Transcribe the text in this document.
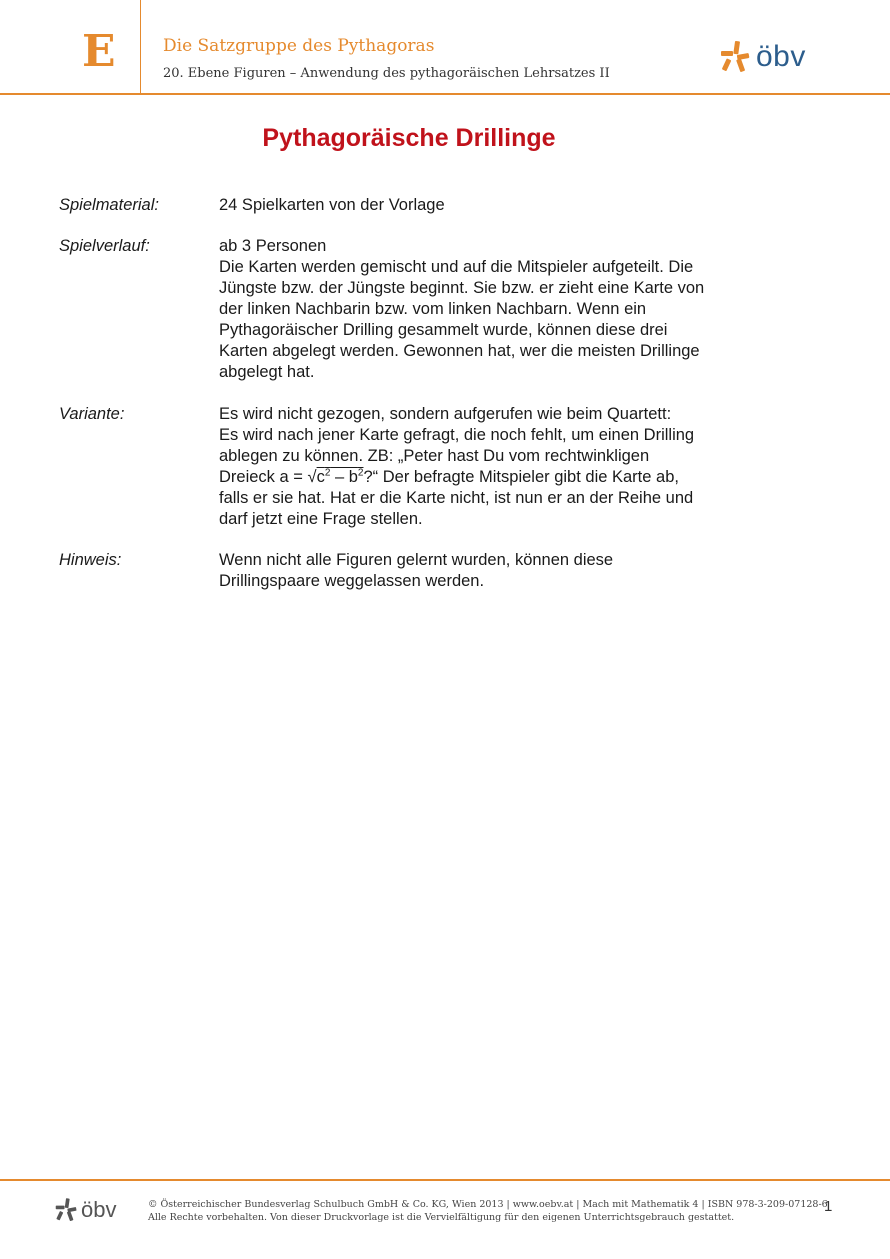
E	Die Satzgruppe des Pythagoras
20. Ebene Figuren – Anwendung des pythagoräischen Lehrsatzes II
öbv
Pythagoräische Drillinge
Spielmaterial:	24 Spielkarten von der Vorlage

Spielverlauf:	ab 3 Personen

Die Karten werden gemischt und auf die Mitspieler aufgeteilt. Die

Jüngste bzw. der Jüngste beginnt. Sie bzw. er zieht eine Karte von

der linken Nachbarin bzw. vom linken Nachbarn. Wenn ein

Pythagoräischer Drilling gesammelt wurde, können diese drei

Karten abgelegt werden. Gewonnen hat, wer die meisten Drillinge

abgelegt hat.

Variante:	Es wird nicht gezogen, sondern aufgerufen wie beim Quartett:

Es wird nach jener Karte gefragt, die noch fehlt, um einen Drilling

ablegen zu können. ZB: „Peter hast Du vom rechtwinkligen

Dreieck $a = √c^2$ – $b^2?“$ Der befragte Mitspieler gibt die Karte ab,

falls er sie hat. Hat er die Karte nicht, ist nun er an der Reihe und

darf jetzt eine Frage stellen.

Hinweis:	Wenn nicht alle Figuren gelernt wurden, können diese

Drillingspaare weggelassen werden.

öbv	© Österreichischer Bundesverlag Schulbuch GmbH & Co. KG, Wien 2013 | www.oebv.at | Mach mit Mathematik 4 | ISBN 978-3-209-07128-6
Alle Rechte vorbehalten. Von dieser Druckvorlage ist die Vervielfältigung für den eigenen Unterrichtsgebrauch gestattet.
1
